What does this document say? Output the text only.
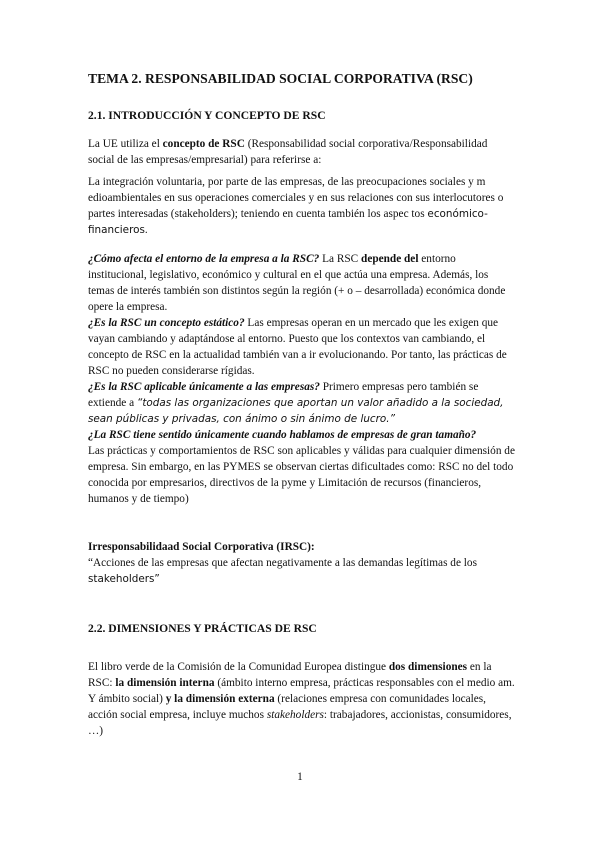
TEMA 2. RESPONSABILIDAD SOCIAL CORPORATIVA (RSC)
2.1. INTRODUCCIÓN Y CONCEPTO DE RSC

La UE utiliza el concepto de RSC (Responsabilidad social corporativa/Responsabilidad social de las empresas/empresarial) para referirse a:

La integración voluntaria, por parte de las empresas, de las preocupaciones sociales y m edioambientales en sus operaciones comerciales y en sus relaciones con sus interlocutores o partes interesadas (stakeholders); teniendo en cuenta también los aspec tos económico-financieros.

¿Cómo afecta el entorno de la empresa a la RSC? La RSC depende del entorno institucional, legislativo, económico y cultural en el que actúa una empresa. Además, los temas de interés también son distintos según la región (+ o – desarrollada) económica donde opere la empresa.

¿Es la RSC un concepto estático? Las empresas operan en un mercado que les exigen que vayan cambiando y adaptándose al entorno. Puesto que los contextos van cambiando, el concepto de RSC en la actualidad también van a ir evolucionando. Por tanto, las prácticas de RSC no pueden considerarse rígidas.

¿Es la RSC aplicable únicamente a las empresas? Primero empresas pero también se extiende a “todas las organizaciones que aportan un valor añadido a la sociedad, sean públicas y privadas, con ánimo o sin ánimo de lucro.”

¿La RSC tiene sentido únicamente cuando hablamos de empresas de gran tamaño?
Las prácticas y comportamientos de RSC son aplicables y válidas para cualquier dimensión de empresa. Sin embargo, en las PYMES se observan ciertas dificultades como: RSC no del todo conocida por empresarios, directivos de la pyme y Limitación de recursos (financieros, humanos y de tiempo)

Irresponsabilidaad Social Corporativa (IRSC):

“Acciones de las empresas que afectan negativamente a las demandas legítimas de los stakeholders”

2.2. DIMENSIONES Y PRÁCTICAS DE RSC

El libro verde de la Comisión de la Comunidad Europea distingue dos dimensiones en la RSC: la dimensión interna (ámbito interno empresa, prácticas responsables con el medio am. Y ámbito social) y la dimensión externa (relaciones empresa con comunidades locales, acción social empresa, incluye muchos stakeholders: trabajadores, accionistas, consumidores, …)

1
